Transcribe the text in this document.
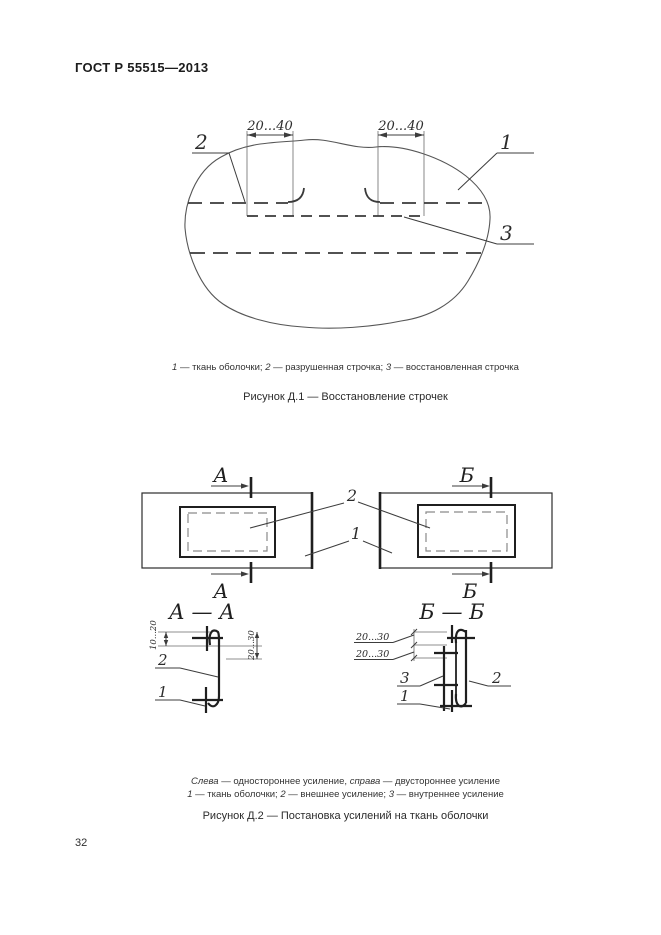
ГОСТ Р 55515—2013
20...40	20...40
2	1
3
1 — ткань оболочки; 2 — разрушенная строчка; 3 — восстановленная строчка
Рисунок Д.1 — Восстановление строчек
А
А
Б
Б
2
1
А — А
10...20	20...30
2
1
Б — Б
20...30
20...30
3	2
1
Слева — одностороннее усиление, справа — двустороннее усиление
1 — ткань оболочки; 2 — внешнее усиление; 3 — внутреннее усиление
Рисунок Д.2 — Постановка усилений на ткань оболочки
32
